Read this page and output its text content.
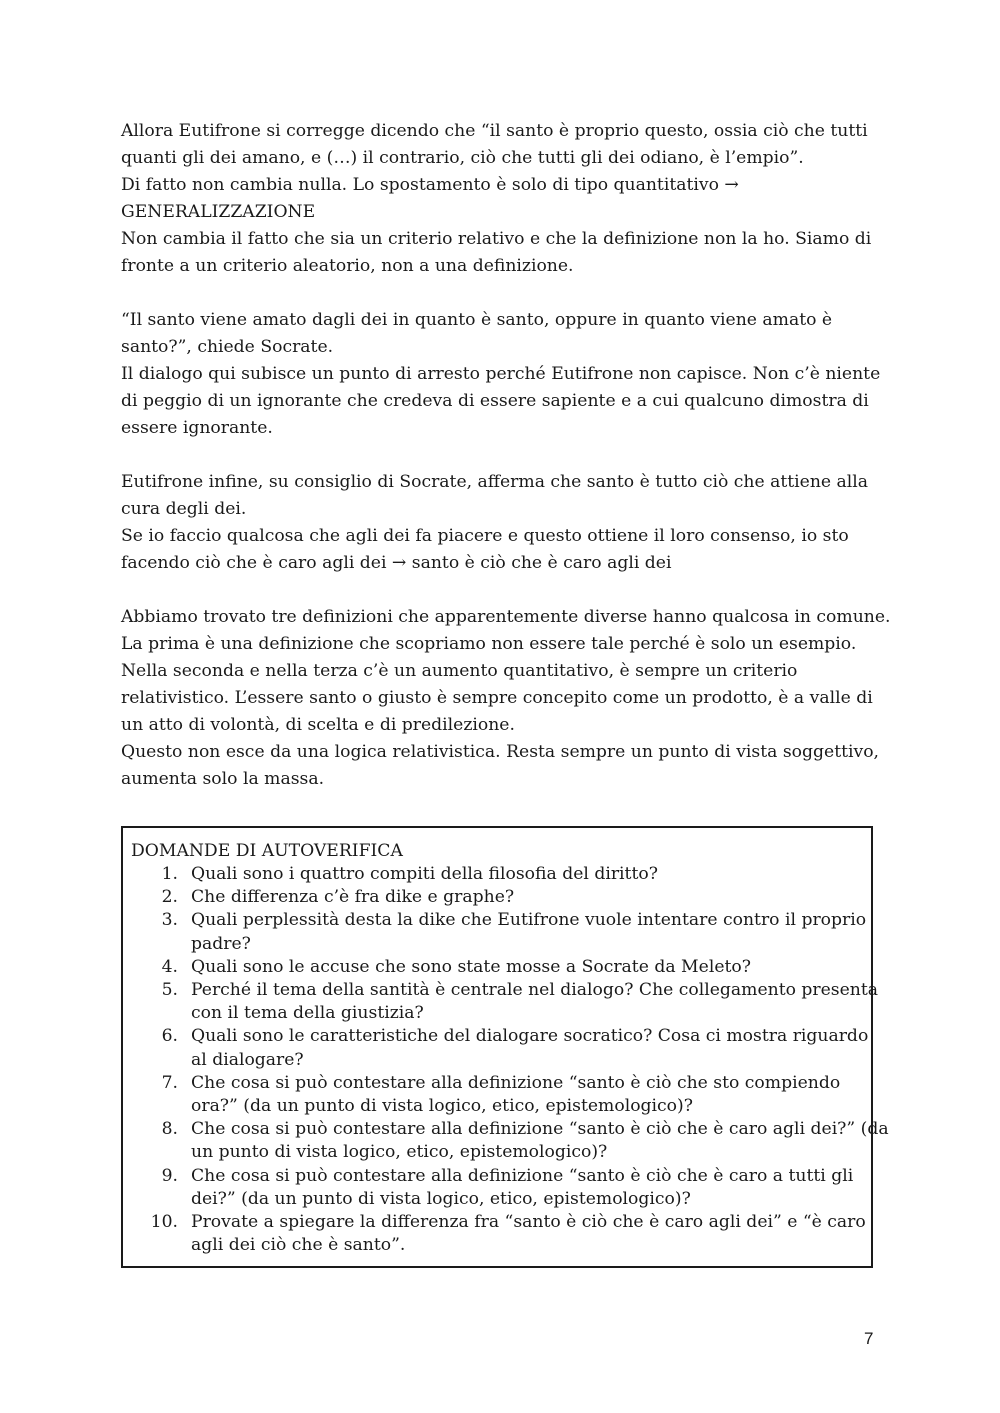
Allora Eutifrone si corregge dicendo che “il santo è proprio questo, ossia ciò che tutti
quanti gli dei amano, e (…) il contrario, ciò che tutti gli dei odiano, è l’empio”.
Di fatto non cambia nulla. Lo spostamento è solo di tipo quantitativo →
GENERALIZZAZIONE
Non cambia il fatto che sia un criterio relativo e che la definizione non la ho. Siamo di
fronte a un criterio aleatorio, non a una definizione.

“Il santo viene amato dagli dei in quanto è santo, oppure in quanto viene amato è
santo?”, chiede Socrate.
Il dialogo qui subisce un punto di arresto perché Eutifrone non capisce. Non c’è niente
di peggio di un ignorante che credeva di essere sapiente e a cui qualcuno dimostra di
essere ignorante.

Eutifrone infine, su consiglio di Socrate, afferma che santo è tutto ciò che attiene alla
cura degli dei.
Se io faccio qualcosa che agli dei fa piacere e questo ottiene il loro consenso, io sto
facendo ciò che è caro agli dei → santo è ciò che è caro agli dei

Abbiamo trovato tre definizioni che apparentemente diverse hanno qualcosa in comune.
La prima è una definizione che scopriamo non essere tale perché è solo un esempio.
Nella seconda e nella terza c’è un aumento quantitativo, è sempre un criterio
relativistico. L’essere santo o giusto è sempre concepito come un prodotto, è a valle di
un atto di volontà, di scelta e di predilezione.
Questo non esce da una logica relativistica. Resta sempre un punto di vista soggettivo,
aumenta solo la massa.

DOMANDE DI AUTOVERIFICA

1. Quali sono i quattro compiti della filosofia del diritto?
2. Che differenza c’è fra dike e graphe?
3. Quali perplessità desta la dike che Eutifrone vuole intentare contro il proprio
padre?
4. Quali sono le accuse che sono state mosse a Socrate da Meleto?
5. Perché il tema della santità è centrale nel dialogo? Che collegamento presenta
con il tema della giustizia?
6. Quali sono le caratteristiche del dialogare socratico? Cosa ci mostra riguardo
al dialogare?
7. Che cosa si può contestare alla definizione “santo è ciò che sto compiendo
ora?” (da un punto di vista logico, etico, epistemologico)?
8. Che cosa si può contestare alla definizione “santo è ciò che è caro agli dei?” (da
un punto di vista logico, etico, epistemologico)?
9. Che cosa si può contestare alla definizione “santo è ciò che è caro a tutti gli
dei?” (da un punto di vista logico, etico, epistemologico)?
10. Provate a spiegare la differenza fra “santo è ciò che è caro agli dei” e “è caro
agli dei ciò che è santo”.
7
